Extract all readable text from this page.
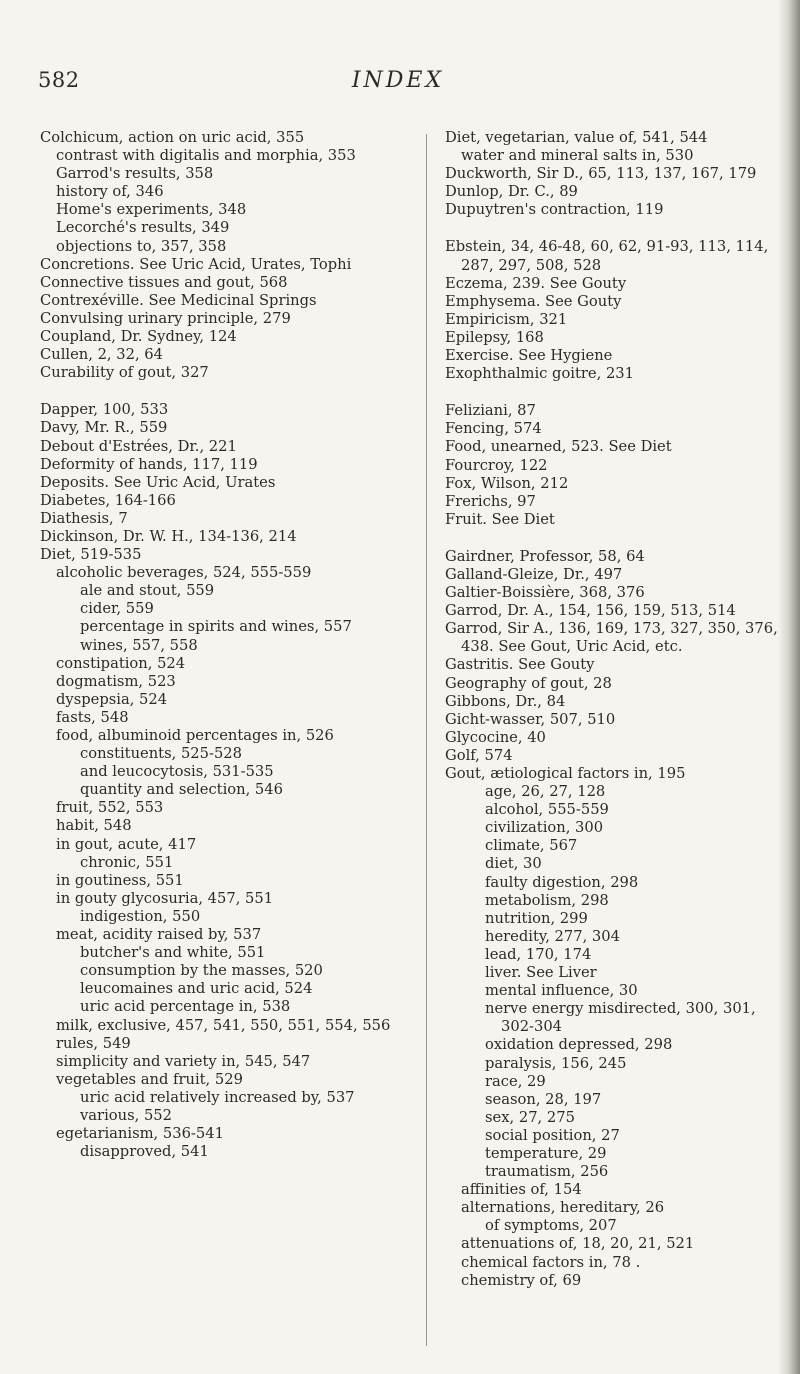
582	INDEX
Colchicum, action on uric acid, 355
contrast with digitalis and morphia, 353
Garrod's results, 358
history of, 346
Home's experiments, 348
Lecorché's results, 349
objections to, 357, 358
Concretions. See Uric Acid, Urates, Tophi
Connective tissues and gout, 568
Contrexéville. See Medicinal Springs
Convulsing urinary principle, 279
Coupland, Dr. Sydney, 124
Cullen, 2, 32, 64
Curability of gout, 327
Dapper, 100, 533
Davy, Mr. R., 559
Debout d'Estrées, Dr., 221
Deformity of hands, 117, 119
Deposits. See Uric Acid, Urates
Diabetes, 164-166
Diathesis, 7
Dickinson, Dr. W. H., 134-136, 214
Diet, 519-535
alcoholic beverages, 524, 555-559
ale and stout, 559
cider, 559
percentage in spirits and wines, 557
wines, 557, 558
constipation, 524
dogmatism, 523
dyspepsia, 524
fasts, 548
food, albuminoid percentages in, 526
constituents, 525-528
and leucocytosis, 531-535
quantity and selection, 546
fruit, 552, 553
habit, 548
in gout, acute, 417
chronic, 551
in goutiness, 551
in gouty glycosuria, 457, 551
indigestion, 550
meat, acidity raised by, 537
butcher's and white, 551
consumption by the masses, 520
leucomaines and uric acid, 524
uric acid percentage in, 538
milk, exclusive, 457, 541, 550, 551, 554, 556
rules, 549
simplicity and variety in, 545, 547
vegetables and fruit, 529
uric acid relatively increased by, 537
various, 552
egetarianism, 536-541
disapproved, 541
Diet, vegetarian, value of, 541, 544
water and mineral salts in, 530
Duckworth, Sir D., 65, 113, 137, 167, 179
Dunlop, Dr. C., 89
Dupuytren's contraction, 119
Ebstein, 34, 46-48, 60, 62, 91-93, 113, 114, 287, 297, 508, 528
Eczema, 239. See Gouty
Emphysema. See Gouty
Empiricism, 321
Epilepsy, 168
Exercise. See Hygiene
Exophthalmic goitre, 231
Feliziani, 87
Fencing, 574
Food, unearned, 523. See Diet
Fourcroy, 122
Fox, Wilson, 212
Frerichs, 97
Fruit. See Diet
Gairdner, Professor, 58, 64
Galland-Gleize, Dr., 497
Galtier-Boissière, 368, 376
Garrod, Dr. A., 154, 156, 159, 513, 514
Garrod, Sir A., 136, 169, 173, 327, 350, 376, 438. See Gout, Uric Acid, etc.
Gastritis. See Gouty
Geography of gout, 28
Gibbons, Dr., 84
Gicht-wasser, 507, 510
Glycocine, 40
Golf, 574
Gout, ætiological factors in, 195
age, 26, 27, 128
alcohol, 555-559
civilization, 300
climate, 567
diet, 30
faulty digestion, 298
metabolism, 298
nutrition, 299
heredity, 277, 304
lead, 170, 174
liver. See Liver
mental influence, 30
nerve energy misdirected, 300, 301, 302-304
oxidation depressed, 298
paralysis, 156, 245
race, 29
season, 28, 197
sex, 27, 275
social position, 27
temperature, 29
traumatism, 256
affinities of, 154
alternations, hereditary, 26
of symptoms, 207
attenuations of, 18, 20, 21, 521
chemical factors in, 78 .
chemistry of, 69
